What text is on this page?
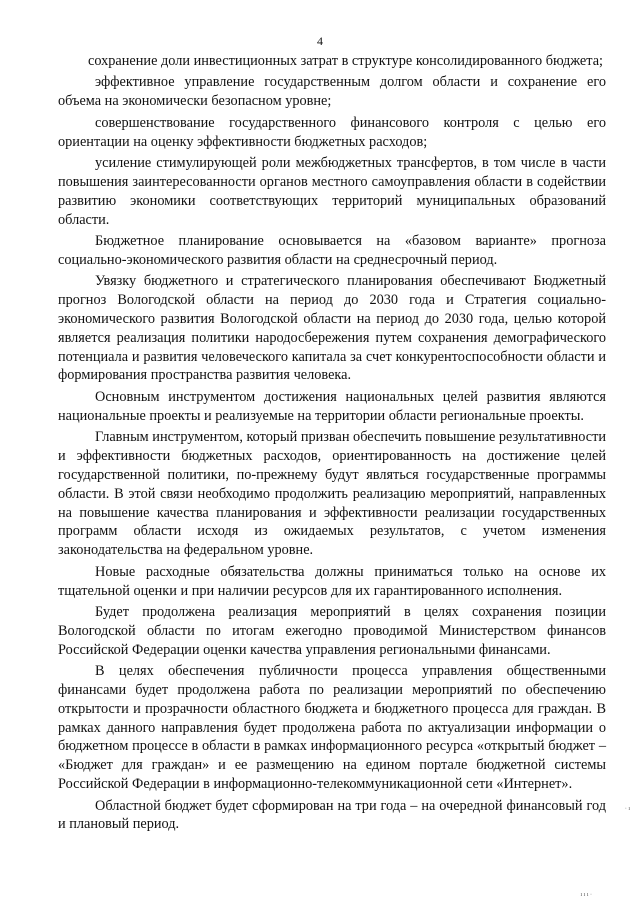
4

сохранение доли инвестиционных затрат в структуре консолидированного бюджета;

эффективное управление государственным долгом области и сохранение его объема на экономически безопасном уровне;

совершенствование государственного финансового контроля с целью его ориентации на оценку эффективности бюджетных расходов;

усиление стимулирующей роли межбюджетных трансфертов, в том числе в части повышения заинтересованности органов местного самоуправления области в содействии развитию экономики соответствующих территорий муниципальных образований области.

Бюджетное планирование основывается на «базовом варианте» прогноза социально-экономического развития области на среднесрочный период.

Увязку бюджетного и стратегического планирования обеспечивают Бюджетный прогноз Вологодской области на период до 2030 года и Стратегия социально-экономического развития Вологодской области на период до 2030 года, целью которой является реализация политики народосбережения путем сохранения демографического потенциала и развития человеческого капитала за счет конкурентоспособности области и формирования пространства развития человека.

Основным инструментом достижения национальных целей развития являются национальные проекты и реализуемые на территории области региональные проекты.

Главным инструментом, который призван обеспечить повышение результативности и эффективности бюджетных расходов, ориентированность на достижение целей государственной политики, по-прежнему будут являться государственные программы области. В этой связи необходимо продолжить реализацию мероприятий, направленных на повышение качества планирования и эффективности реализации государственных программ области исходя из ожидаемых результатов, с учетом изменения законодательства на федеральном уровне.

Новые расходные обязательства должны приниматься только на основе их тщательной оценки и при наличии ресурсов для их гарантированного исполнения.

Будет продолжена реализация мероприятий в целях сохранения позиции Вологодской области по итогам ежегодно проводимой Министерством финансов Российской Федерации оценки качества управления региональными финансами.

В целях обеспечения публичности процесса управления общественными финансами будет продолжена работа по реализации мероприятий по обеспечению открытости и прозрачности областного бюджета и бюджетного процесса для граждан. В рамках данного направления будет продолжена работа по актуализации информации о бюджетном процессе в области в рамках информационного ресурса «открытый бюджет – «Бюджет для граждан» и ее размещению на едином портале бюджетной системы Российской Федерации в информационно-телекоммуникационной сети «Интернет».

Областной бюджет будет сформирован на три года – на очередной финансовый год и плановый период.

· ı
ı ı ı ·
